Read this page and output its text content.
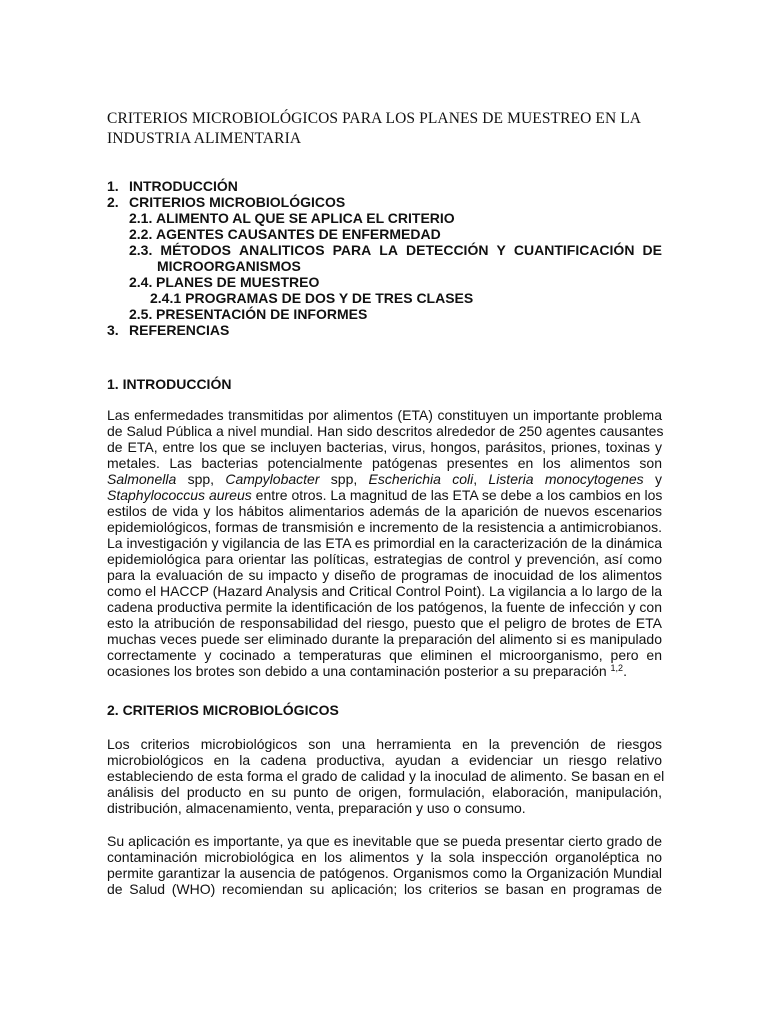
CRITERIOS MICROBIOLÓGICOS PARA LOS PLANES DE MUESTREO EN LA
INDUSTRIA ALIMENTARIA
1. INTRODUCCIÓN
2. CRITERIOS MICROBIOLÓGICOS
2.1. ALIMENTO AL QUE SE APLICA EL CRITERIO
2.2. AGENTES CAUSANTES DE ENFERMEDAD
2.3. MÉTODOS ANALITICOS PARA LA DETECCIÓN Y CUANTIFICACIÓN DE
MICROORGANISMOS
2.4. PLANES DE MUESTREO
2.4.1 PROGRAMAS DE DOS Y DE TRES CLASES
2.5. PRESENTACIÓN DE INFORMES
3. REFERENCIAS
1. INTRODUCCIÓN
Las enfermedades transmitidas por alimentos (ETA) constituyen un importante problema
de Salud Pública a nivel mundial. Han sido descritos alrededor de 250 agentes causantes
de ETA, entre los que se incluyen bacterias, virus, hongos, parásitos, priones, toxinas y
metales. Las bacterias potencialmente patógenas presentes en los alimentos son
Salmonella spp, Campylobacter spp, Escherichia coli, Listeria monocytogenes y
Staphylococcus aureus entre otros. La magnitud de las ETA se debe a los cambios en los
estilos de vida y los hábitos alimentarios además de la aparición de nuevos escenarios
epidemiológicos, formas de transmisión e incremento de la resistencia a antimicrobianos.
La investigación y vigilancia de las ETA es primordial en la caracterización de la dinámica
epidemiológica para orientar las políticas, estrategias de control y prevención, así como
para la evaluación de su impacto y diseño de programas de inocuidad de los alimentos
como el HACCP (Hazard Analysis and Critical Control Point). La vigilancia a lo largo de la
cadena productiva permite la identificación de los patógenos, la fuente de infección y con
esto la atribución de responsabilidad del riesgo, puesto que el peligro de brotes de ETA
muchas veces puede ser eliminado durante la preparación del alimento si es manipulado
correctamente y cocinado a temperaturas que eliminen el microorganismo, pero en
ocasiones los brotes son debido a una contaminación posterior a su preparación $^{1,2}$.
2. CRITERIOS MICROBIOLÓGICOS
Los criterios microbiológicos son una herramienta en la prevención de riesgos
microbiológicos en la cadena productiva, ayudan a evidenciar un riesgo relativo
estableciendo de esta forma el grado de calidad y la inoculad de alimento. Se basan en el
análisis del producto en su punto de origen, formulación, elaboración, manipulación,
distribución, almacenamiento, venta, preparación y uso o consumo.
Su aplicación es importante, ya que es inevitable que se pueda presentar cierto grado de
contaminación microbiológica en los alimentos y la sola inspección organoléptica no
permite garantizar la ausencia de patógenos. Organismos como la Organización Mundial
de Salud (WHO) recomiendan su aplicación; los criterios se basan en programas de
